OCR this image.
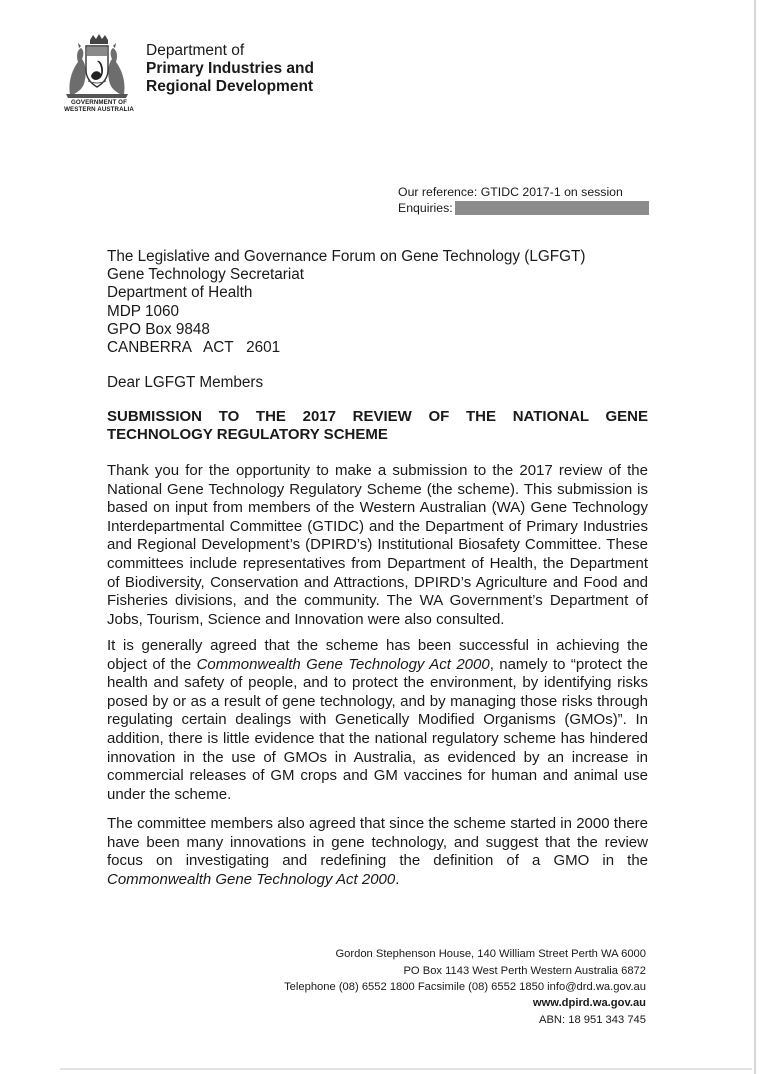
GOVERNMENT OF
WESTERN AUSTRALIA
Department of
Primary Industries and
Regional Development
Our reference: GTIDC 2017-1 on session
Enquiries:
The Legislative and Governance Forum on Gene Technology (LGFGT)
Gene Technology Secretariat
Department of Health
MDP 1060
GPO Box 9848
CANBERRA   ACT   2601
Dear LGFGT Members
SUBMISSION TO THE 2017 REVIEW OF THE NATIONAL GENE TECHNOLOGY REGULATORY SCHEME
Thank you for the opportunity to make a submission to the 2017 review of the National Gene Technology Regulatory Scheme (the scheme). This submission is based on input from members of the Western Australian (WA) Gene Technology Interdepartmental Committee (GTIDC) and the Department of Primary Industries and Regional Development’s (DPIRD’s) Institutional Biosafety Committee. These committees include representatives from Department of Health, the Department of Biodiversity, Conservation and Attractions, DPIRD’s Agriculture and Food and Fisheries divisions, and the community. The WA Government’s Department of Jobs, Tourism, Science and Innovation were also consulted.
It is generally agreed that the scheme has been successful in achieving the object of the Commonwealth Gene Technology Act 2000, namely to “protect the health and safety of people, and to protect the environment, by identifying risks posed by or as a result of gene technology, and by managing those risks through regulating certain dealings with Genetically Modified Organisms (GMOs)”. In addition, there is little evidence that the national regulatory scheme has hindered innovation in the use of GMOs in Australia, as evidenced by an increase in commercial releases of GM crops and GM vaccines for human and animal use under the scheme.
The committee members also agreed that since the scheme started in 2000 there have been many innovations in gene technology, and suggest that the review focus on investigating and redefining the definition of a GMO in the Commonwealth Gene Technology Act 2000.
Gordon Stephenson House, 140 William Street Perth WA 6000
PO Box 1143 West Perth Western Australia 6872
Telephone (08) 6552 1800 Facsimile (08) 6552 1850 info@drd.wa.gov.au
www.dpird.wa.gov.au
ABN: 18 951 343 745
